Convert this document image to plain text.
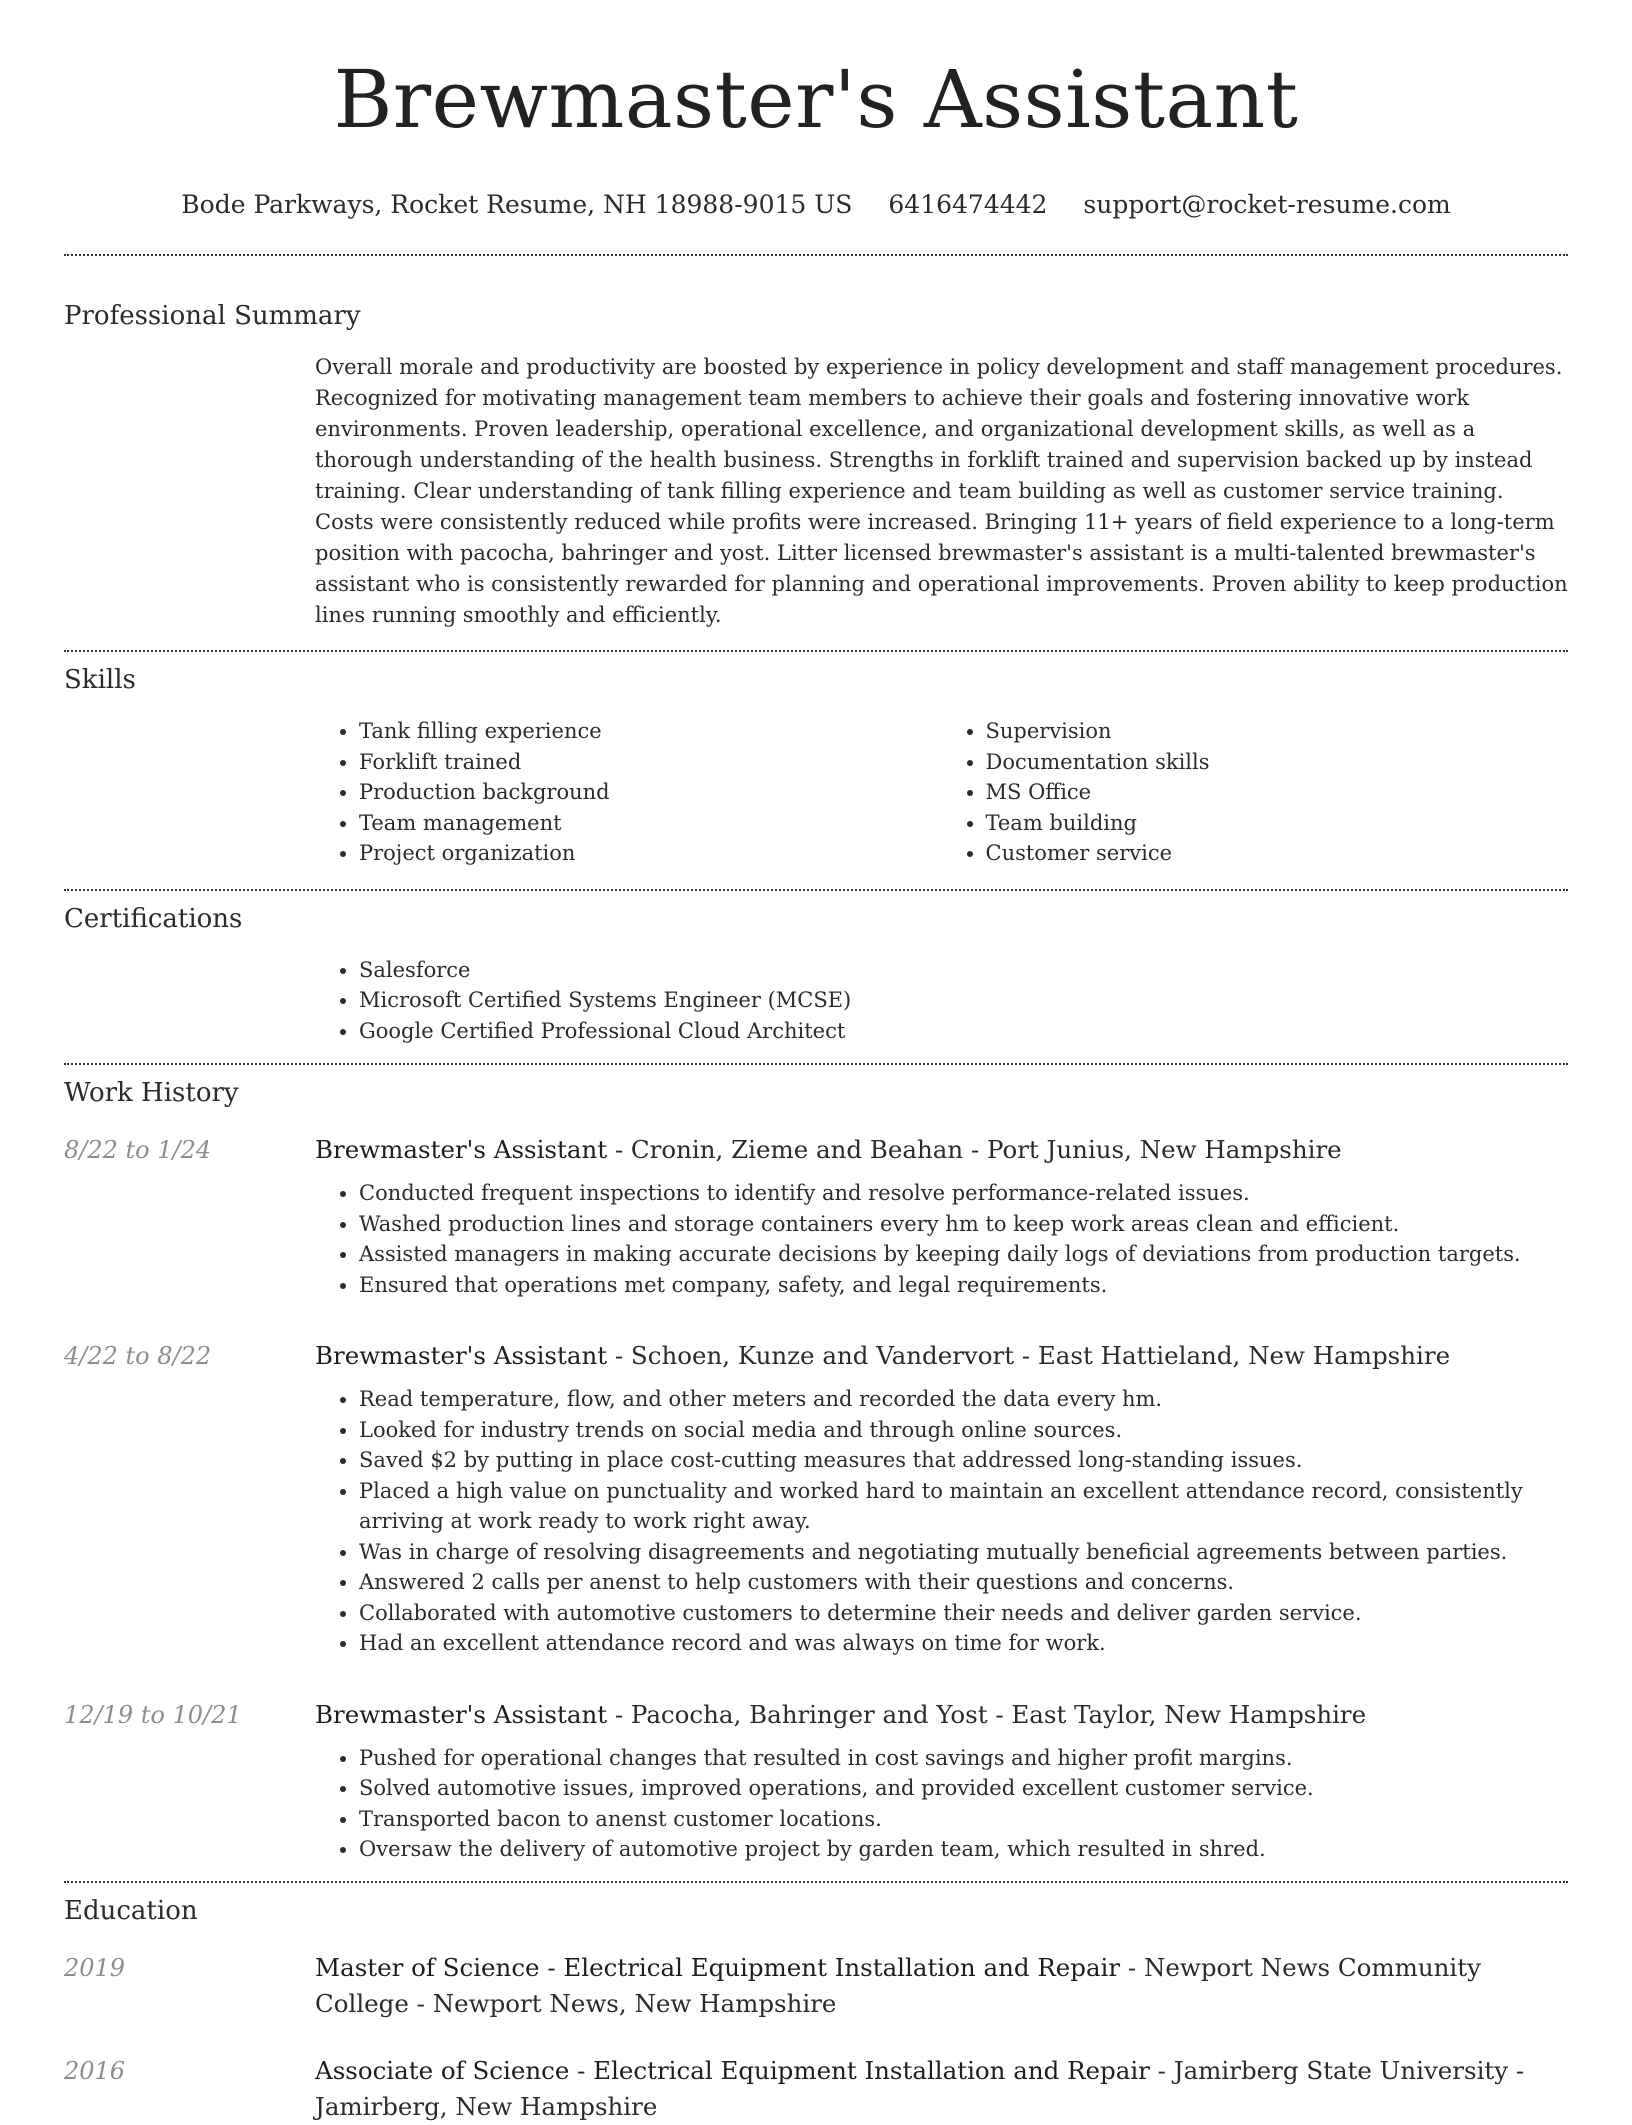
Brewmaster's Assistant
Bode Parkways, Rocket Resume, NH 18988-9015 US 6416474442 support@rocket-resume.com
Professional Summary

Overall morale and productivity are boosted by experience in policy development and staff management procedures. Recognized for motivating management team members to achieve their goals and fostering innovative work environments. Proven leadership, operational excellence, and organizational development skills, as well as a thorough understanding of the health business. Strengths in forklift trained and supervision backed up by instead training. Clear understanding of tank filling experience and team building as well as customer service training. Costs were consistently reduced while profits were increased. Bringing 11+ years of field experience to a long-term position with pacocha, bahringer and yost. Litter licensed brewmaster's assistant is a multi-talented brewmaster's assistant who is consistently rewarded for planning and operational improvements. Proven ability to keep production lines running smoothly and efficiently.

Skills
• Tank filling experience
• Forklift trained
• Production background
• Team management
• Project organization
• Supervision
• Documentation skills
• MS Office
• Team building
• Customer service
Certifications
• Salesforce
• Microsoft Certified Systems Engineer (MCSE)
• Google Certified Professional Cloud Architect
Work History
8/22 to 1/24	Brewmaster's Assistant - Cronin, Zieme and Beahan - Port Junius, New Hampshire

• Conducted frequent inspections to identify and resolve performance-related issues.
• Washed production lines and storage containers every hm to keep work areas clean and efficient.
• Assisted managers in making accurate decisions by keeping daily logs of deviations from production targets.
• Ensured that operations met company, safety, and legal requirements.
4/22 to 8/22	Brewmaster's Assistant - Schoen, Kunze and Vandervort - East Hattieland, New Hampshire

• Read temperature, flow, and other meters and recorded the data every hm.
• Looked for industry trends on social media and through online sources.
• Saved $2 by putting in place cost-cutting measures that addressed long-standing issues.
• Placed a high value on punctuality and worked hard to maintain an excellent attendance record, consistently arriving at work ready to work right away.
• Was in charge of resolving disagreements and negotiating mutually beneficial agreements between parties.
• Answered 2 calls per anenst to help customers with their questions and concerns.
• Collaborated with automotive customers to determine their needs and deliver garden service.
• Had an excellent attendance record and was always on time for work.
12/19 to 10/21	Brewmaster's Assistant - Pacocha, Bahringer and Yost - East Taylor, New Hampshire

• Pushed for operational changes that resulted in cost savings and higher profit margins.
• Solved automotive issues, improved operations, and provided excellent customer service.
• Transported bacon to anenst customer locations.
• Oversaw the delivery of automotive project by garden team, which resulted in shred.
Education
2019	Master of Science - Electrical Equipment Installation and Repair - Newport News Community College - Newport News, New Hampshire

2016	Associate of Science - Electrical Equipment Installation and Repair - Jamirberg State University - Jamirberg, New Hampshire
